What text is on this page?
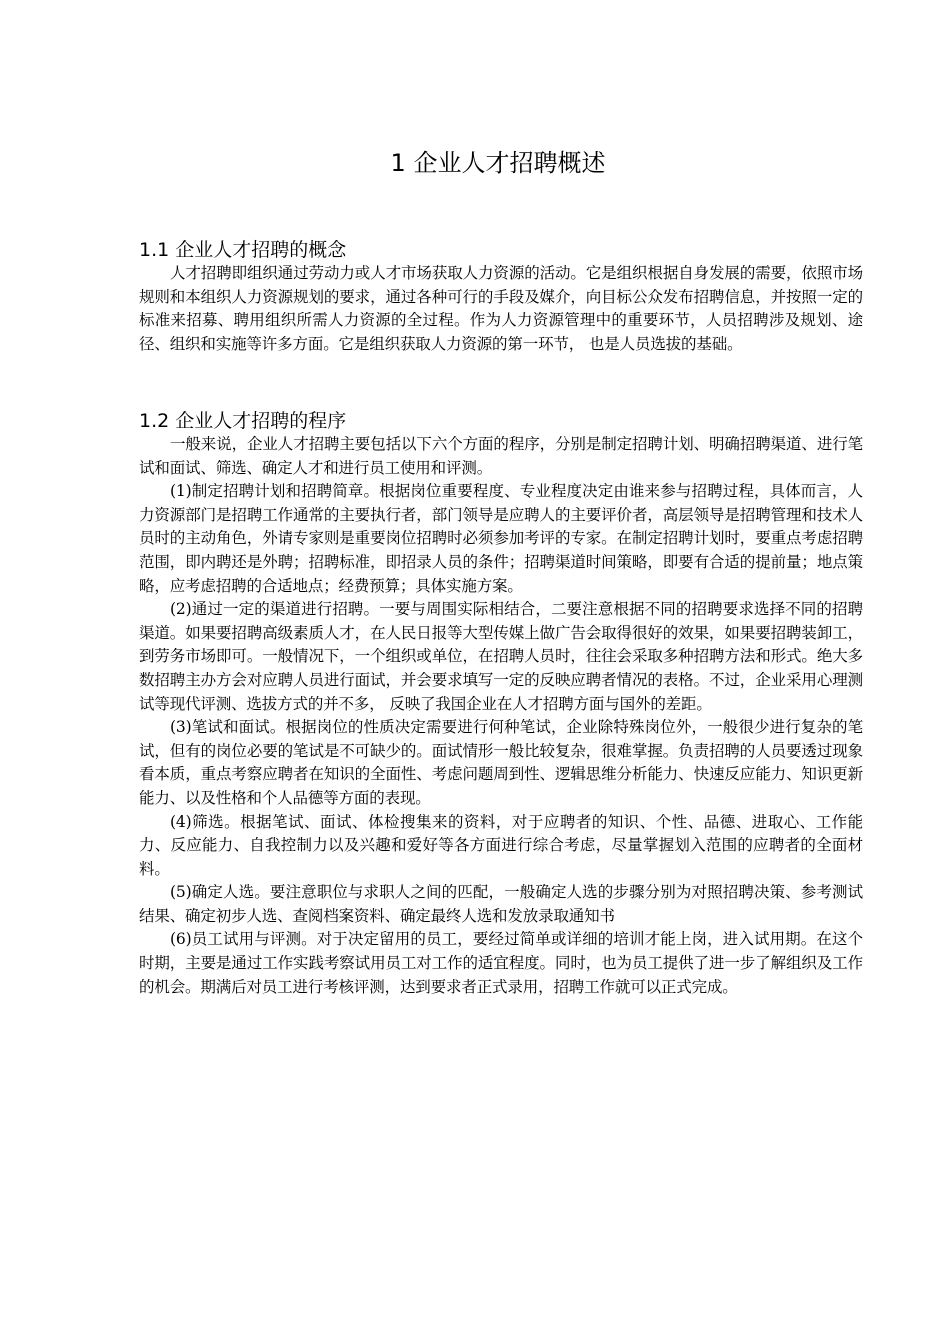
1 企业人才招聘概述
1.1 企业人才招聘的概念

人才招聘即组织通过劳动力或人才市场获取人力资源的活动。它是组织根据自身发展的需要，依照市场规则和本组织人力资源规划的要求，通过各种可行的手段及媒介，向目标公众发布招聘信息，并按照一定的标准来招募、聘用组织所需人力资源的全过程。作为人力资源管理中的重要环节，人员招聘涉及规划、途径、组织和实施等许多方面。它是组织获取人力资源的第一环节， 也是人员选拔的基础。

1.2 企业人才招聘的程序

一般来说，企业人才招聘主要包括以下六个方面的程序，分别是制定招聘计划、明确招聘渠道、进行笔试和面试、筛选、确定人才和进行员工使用和评测。

(1)制定招聘计划和招聘简章。根据岗位重要程度、专业程度决定由谁来参与招聘过程，具体而言，人力资源部门是招聘工作通常的主要执行者，部门领导是应聘人的主要评价者，高层领导是招聘管理和技术人员时的主动角色，外请专家则是重要岗位招聘时必须参加考评的专家。在制定招聘计划时，要重点考虑招聘范围，即内聘还是外聘；招聘标准，即招录人员的条件；招聘渠道时间策略，即要有合适的提前量；地点策略，应考虑招聘的合适地点；经费预算；具体实施方案。

(2)通过一定的渠道进行招聘。一要与周围实际相结合，二要注意根据不同的招聘要求选择不同的招聘渠道。如果要招聘高级素质人才，在人民日报等大型传媒上做广告会取得很好的效果，如果要招聘装卸工，到劳务市场即可。一般情况下，一个组织或单位，在招聘人员时，往往会采取多种招聘方法和形式。绝大多数招聘主办方会对应聘人员进行面试，并会要求填写一定的反映应聘者情况的表格。不过，企业采用心理测试等现代评测、选拔方式的并不多， 反映了我国企业在人才招聘方面与国外的差距。

(3)笔试和面试。根据岗位的性质决定需要进行何种笔试，企业除特殊岗位外，一般很少进行复杂的笔试，但有的岗位必要的笔试是不可缺少的。面试情形一般比较复杂，很难掌握。负责招聘的人员要透过现象看本质，重点考察应聘者在知识的全面性、考虑问题周到性、逻辑思维分析能力、快速反应能力、知识更新能力、以及性格和个人品德等方面的表现。

(4)筛选。根据笔试、面试、体检搜集来的资料，对于应聘者的知识、个性、品德、进取心、工作能力、反应能力、自我控制力以及兴趣和爱好等各方面进行综合考虑，尽量掌握划入范围的应聘者的全面材料。

(5)确定人选。要注意职位与求职人之间的匹配，一般确定人选的步骤分别为对照招聘决策、参考测试结果、确定初步人选、查阅档案资料、确定最终人选和发放录取通知书

(6)员工试用与评测。对于决定留用的员工，要经过简单或详细的培训才能上岗，进入试用期。在这个时期，主要是通过工作实践考察试用员工对工作的适宜程度。同时，也为员工提供了进一步了解组织及工作的机会。期满后对员工进行考核评测，达到要求者正式录用，招聘工作就可以正式完成。
